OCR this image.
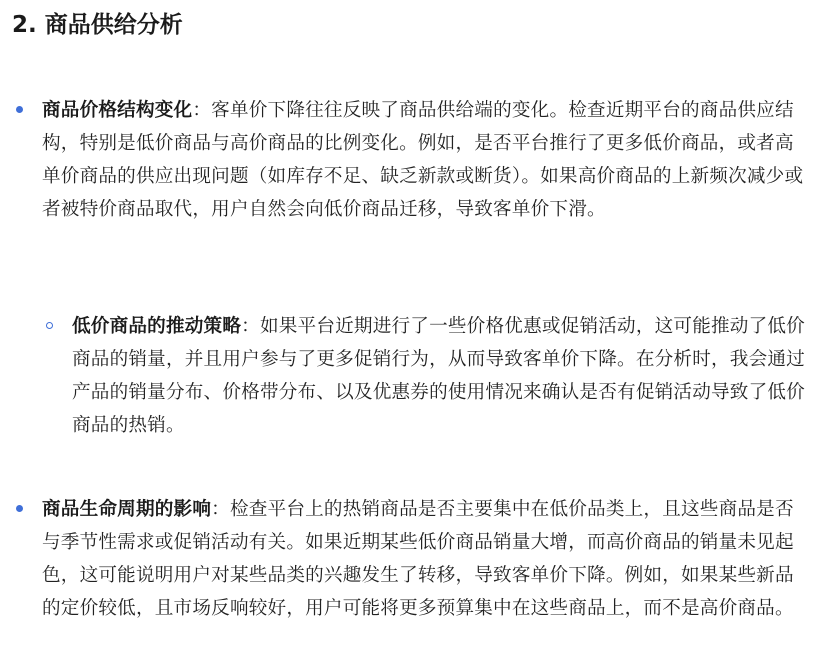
2. 商品供给分析
商品价格结构变化：客单价下降往往反映了商品供给端的变化。检查近期平台的商品供应结构，特别是低价商品与高价商品的比例变化。例如，是否平台推行了更多低价商品，或者高单价商品的供应出现问题（如库存不足、缺乏新款或断货）。如果高价商品的上新频次减少或者被特价商品取代，用户自然会向低价商品迁移，导致客单价下滑。
低价商品的推动策略：如果平台近期进行了一些价格优惠或促销活动，这可能推动了低价商品的销量，并且用户参与了更多促销行为，从而导致客单价下降。在分析时，我会通过产品的销量分布、价格带分布、以及优惠券的使用情况来确认是否有促销活动导致了低价商品的热销。
商品生命周期的影响：检查平台上的热销商品是否主要集中在低价品类上，且这些商品是否与季节性需求或促销活动有关。如果近期某些低价商品销量大增，而高价商品的销量未见起色，这可能说明用户对某些品类的兴趣发生了转移，导致客单价下降。例如，如果某些新品的定价较低，且市场反响较好，用户可能将更多预算集中在这些商品上，而不是高价商品。
